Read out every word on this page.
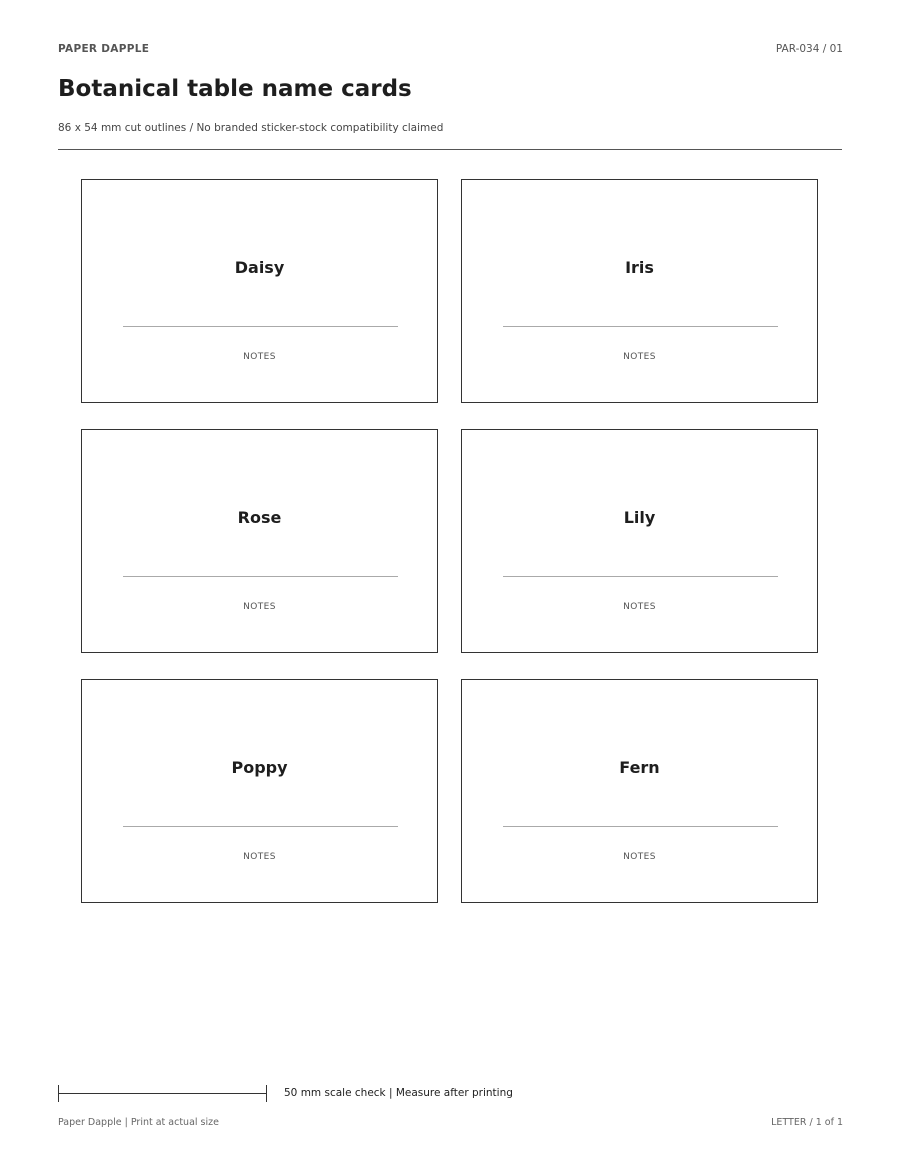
PAPER DAPPLE	PAR-034 / 01
Botanical table name cards
86 x 54 mm cut outlines / No branded sticker-stock compatibility claimed
Daisy
NOTES
Iris
NOTES
Rose
NOTES
Lily
NOTES
Poppy
NOTES
Fern
NOTES
50 mm scale check | Measure after printing
Paper Dapple | Print at actual size	LETTER / 1 of 1
